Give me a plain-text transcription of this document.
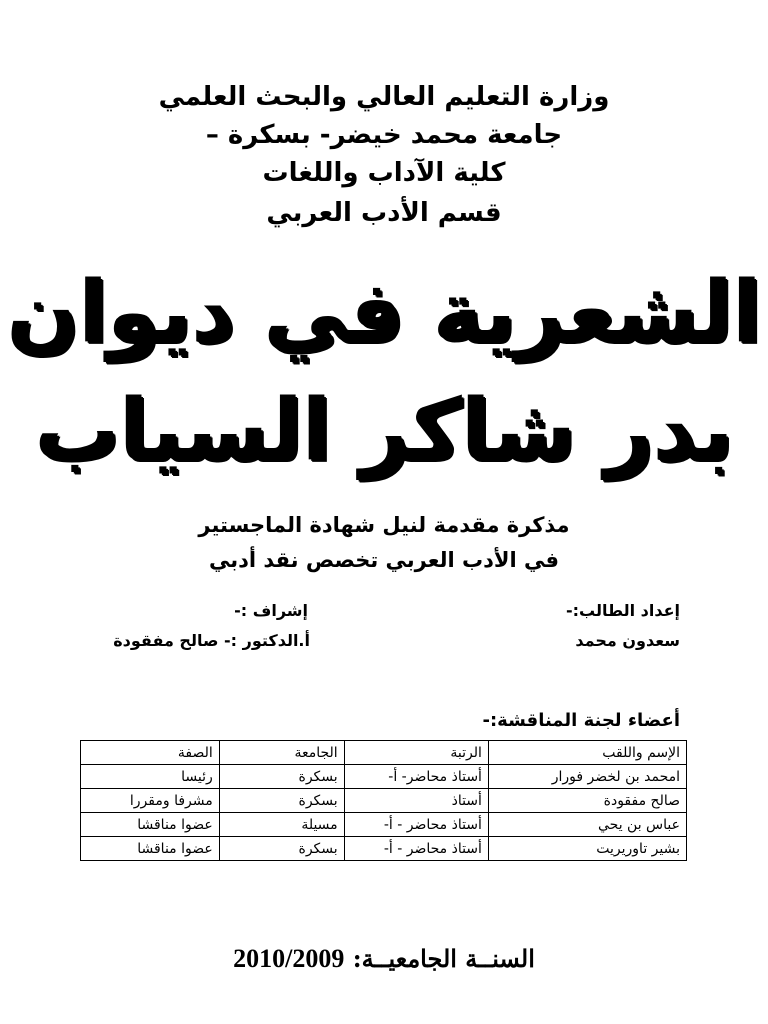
وزارة التعليم العالي والبحث العلمي
جامعة محمد خيضر- بسكرة –
كلية الآداب واللغات
قسم الأدب العربي
الشعرية في ديوان
بدر شاكر السياب
مذكرة مقدمة لنيل شهادة الماجستير
في الأدب العربي تخصص نقد أدبي
إعداد الطالب:-
سعدون محمد
إشراف :-
أ.الدكتور :- صالح مفقودة
أعضاء لجنة المناقشة:-
الإسم واللقب	الرتبة	الجامعة	الصفة
امحمد بن لخضر فورار	أستاذ محاضر- أ-	بسكرة	رئيسا
صالح مفقودة	أستاذ	بسكرة	مشرفا ومقررا
عباس بن يحي	أستاذ محاضر - أ-	مسيلة	عضوا مناقشا
بشير تاوريريت	أستاذ محاضر - أ-	بسكرة	عضوا مناقشا
السنــة الجامعيــة: 2010/2009
